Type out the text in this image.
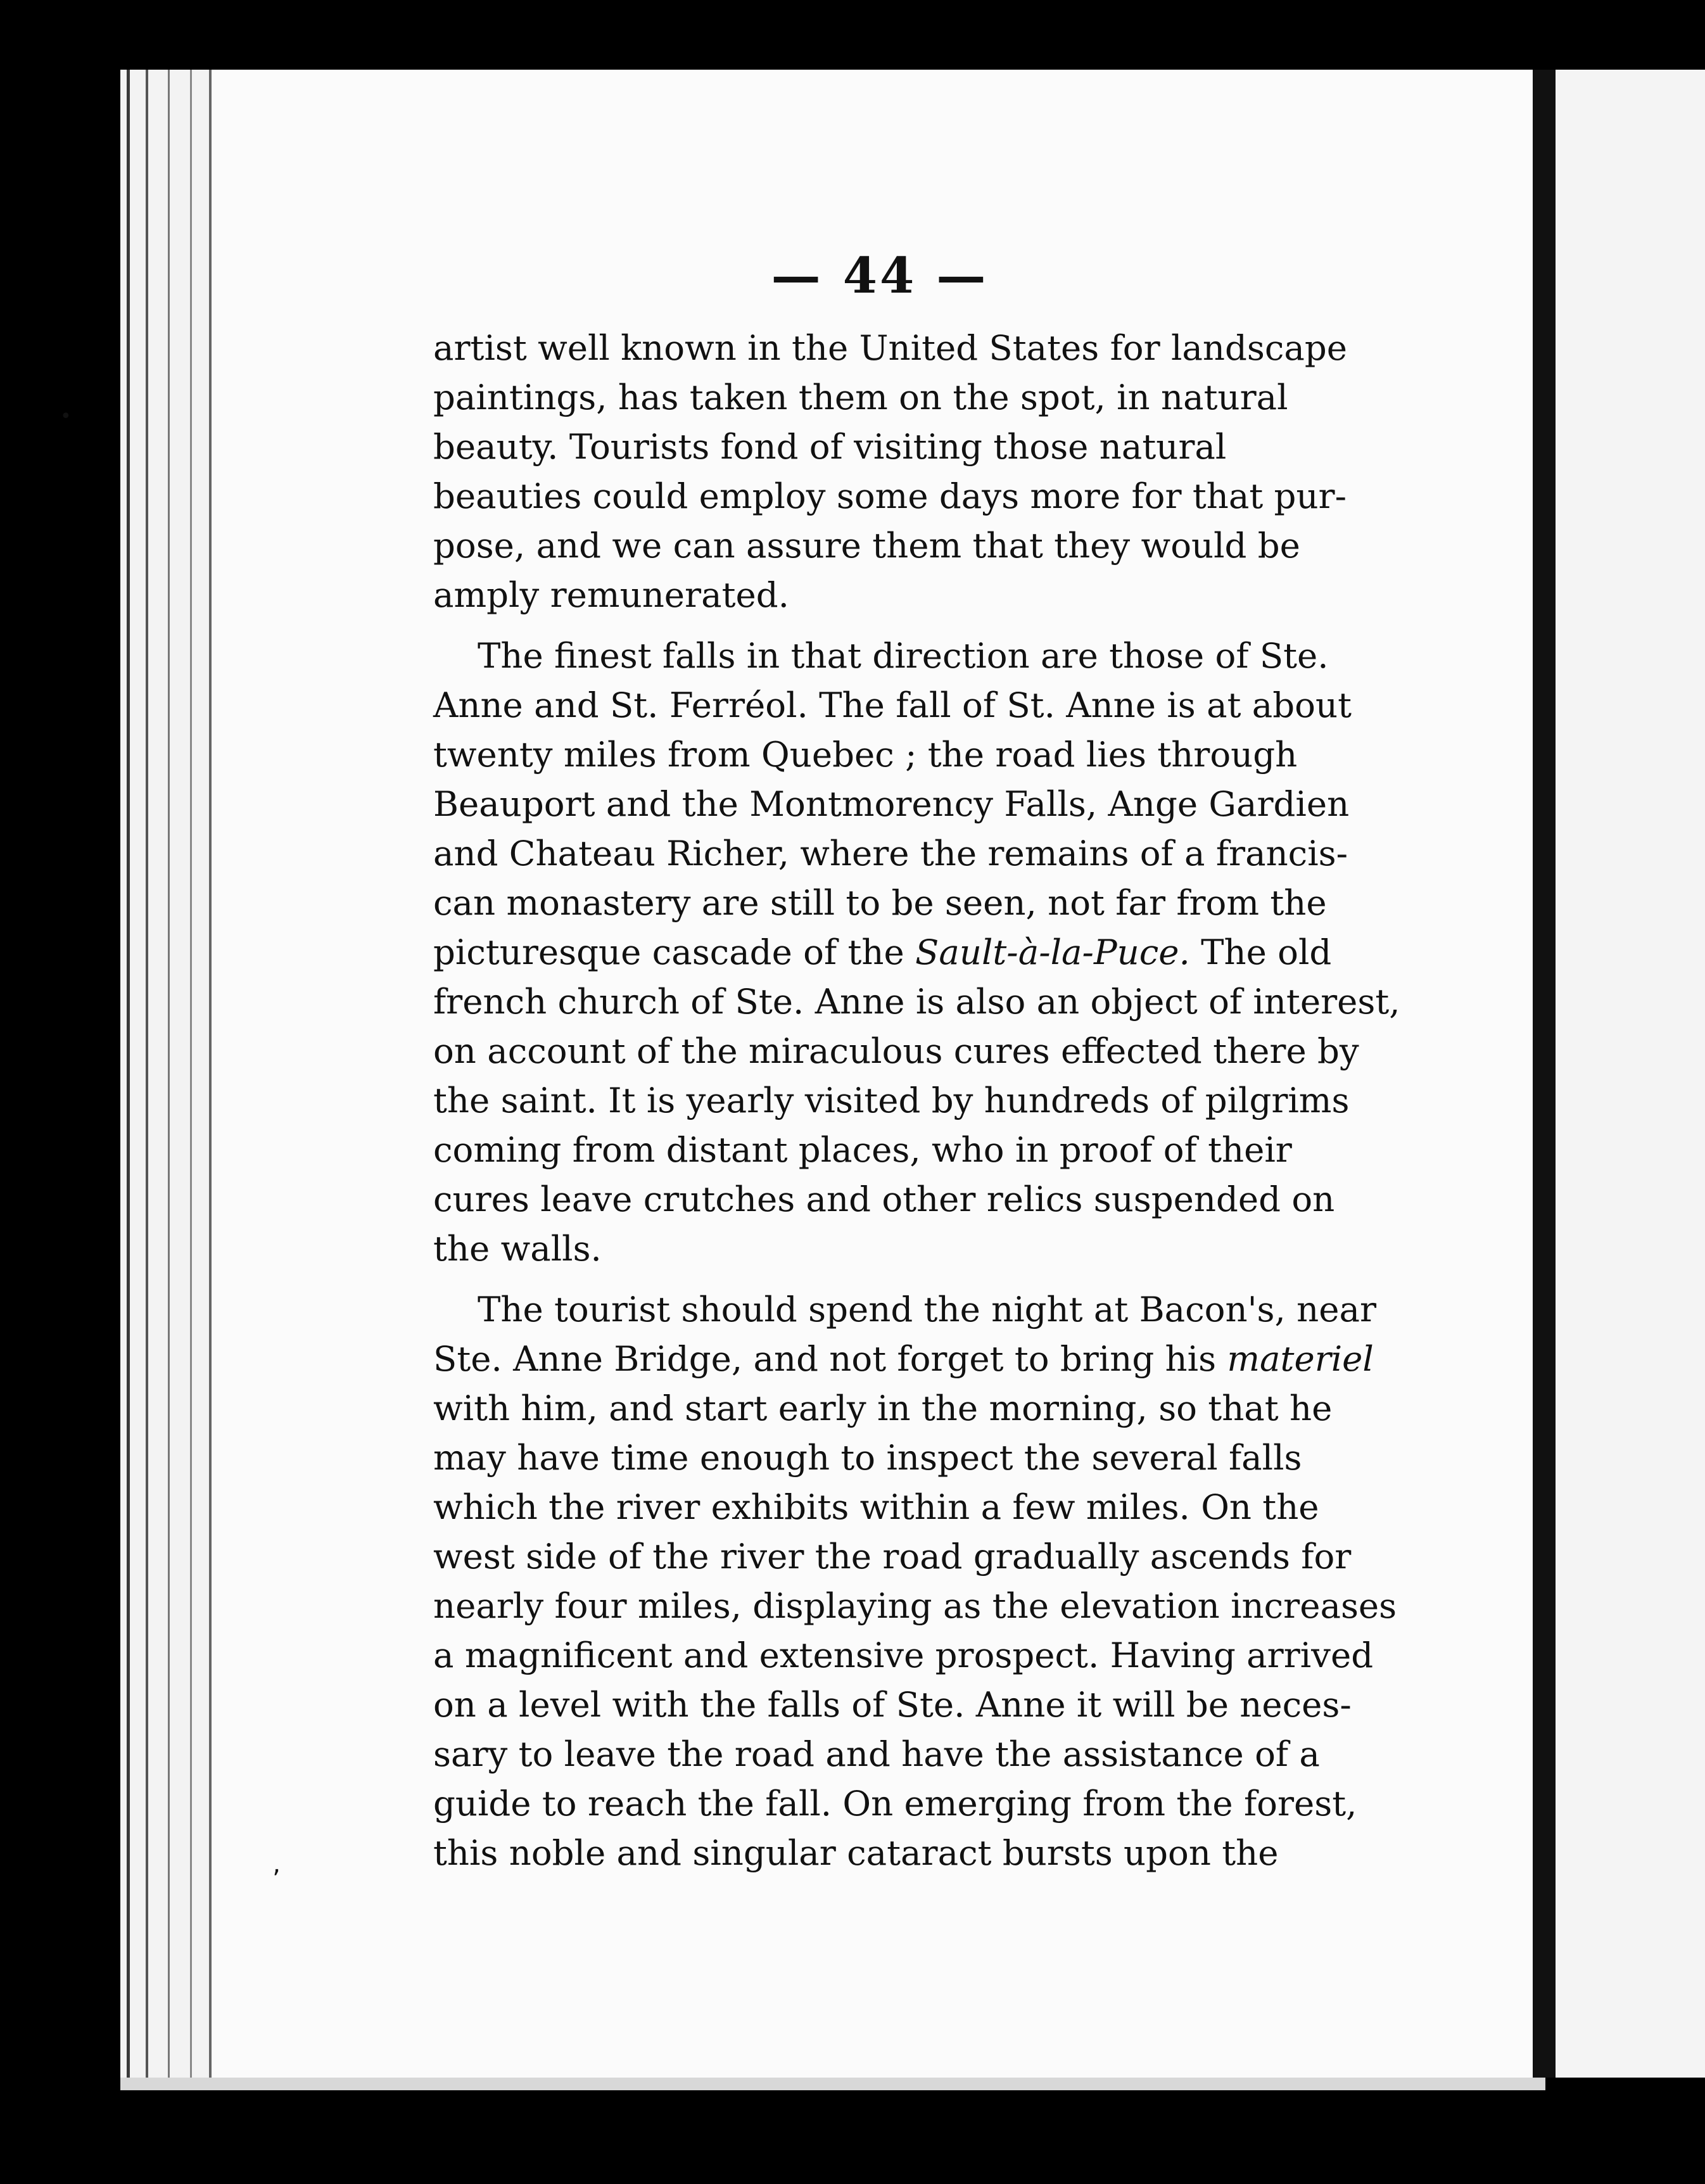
— 44 —

artist well known in the United States for landscape
paintings, has taken them on the spot, in natural
beauty. Tourists fond of visiting those natural
beauties could employ some days more for that pur-
pose, and we can assure them that they would be
amply remunerated.

The finest falls in that direction are those of Ste.
Anne and St. Ferréol. The fall of St. Anne is at about
twenty miles from Quebec ; the road lies through
Beauport and the Montmorency Falls, Ange Gardien
and Chateau Richer, where the remains of a francis-
can monastery are still to be seen, not far from the
picturesque cascade of the Sault-à-la-Puce. The old
french church of Ste. Anne is also an object of interest,
on account of the miraculous cures effected there by
the saint. It is yearly visited by hundreds of pilgrims
coming from distant places, who in proof of their
cures leave crutches and other relics suspended on
the walls.

The tourist should spend the night at Bacon's, near
Ste. Anne Bridge, and not forget to bring his materiel
with him, and start early in the morning, so that he
may have time enough to inspect the several falls
which the river exhibits within a few miles. On the
west side of the river the road gradually ascends for
nearly four miles, displaying as the elevation increases
a magnificent and extensive prospect. Having arrived
on a level with the falls of Ste. Anne it will be neces-
sary to leave the road and have the assistance of a
guide to reach the fall. On emerging from the forest,
this noble and singular cataract bursts upon the

•
‚
